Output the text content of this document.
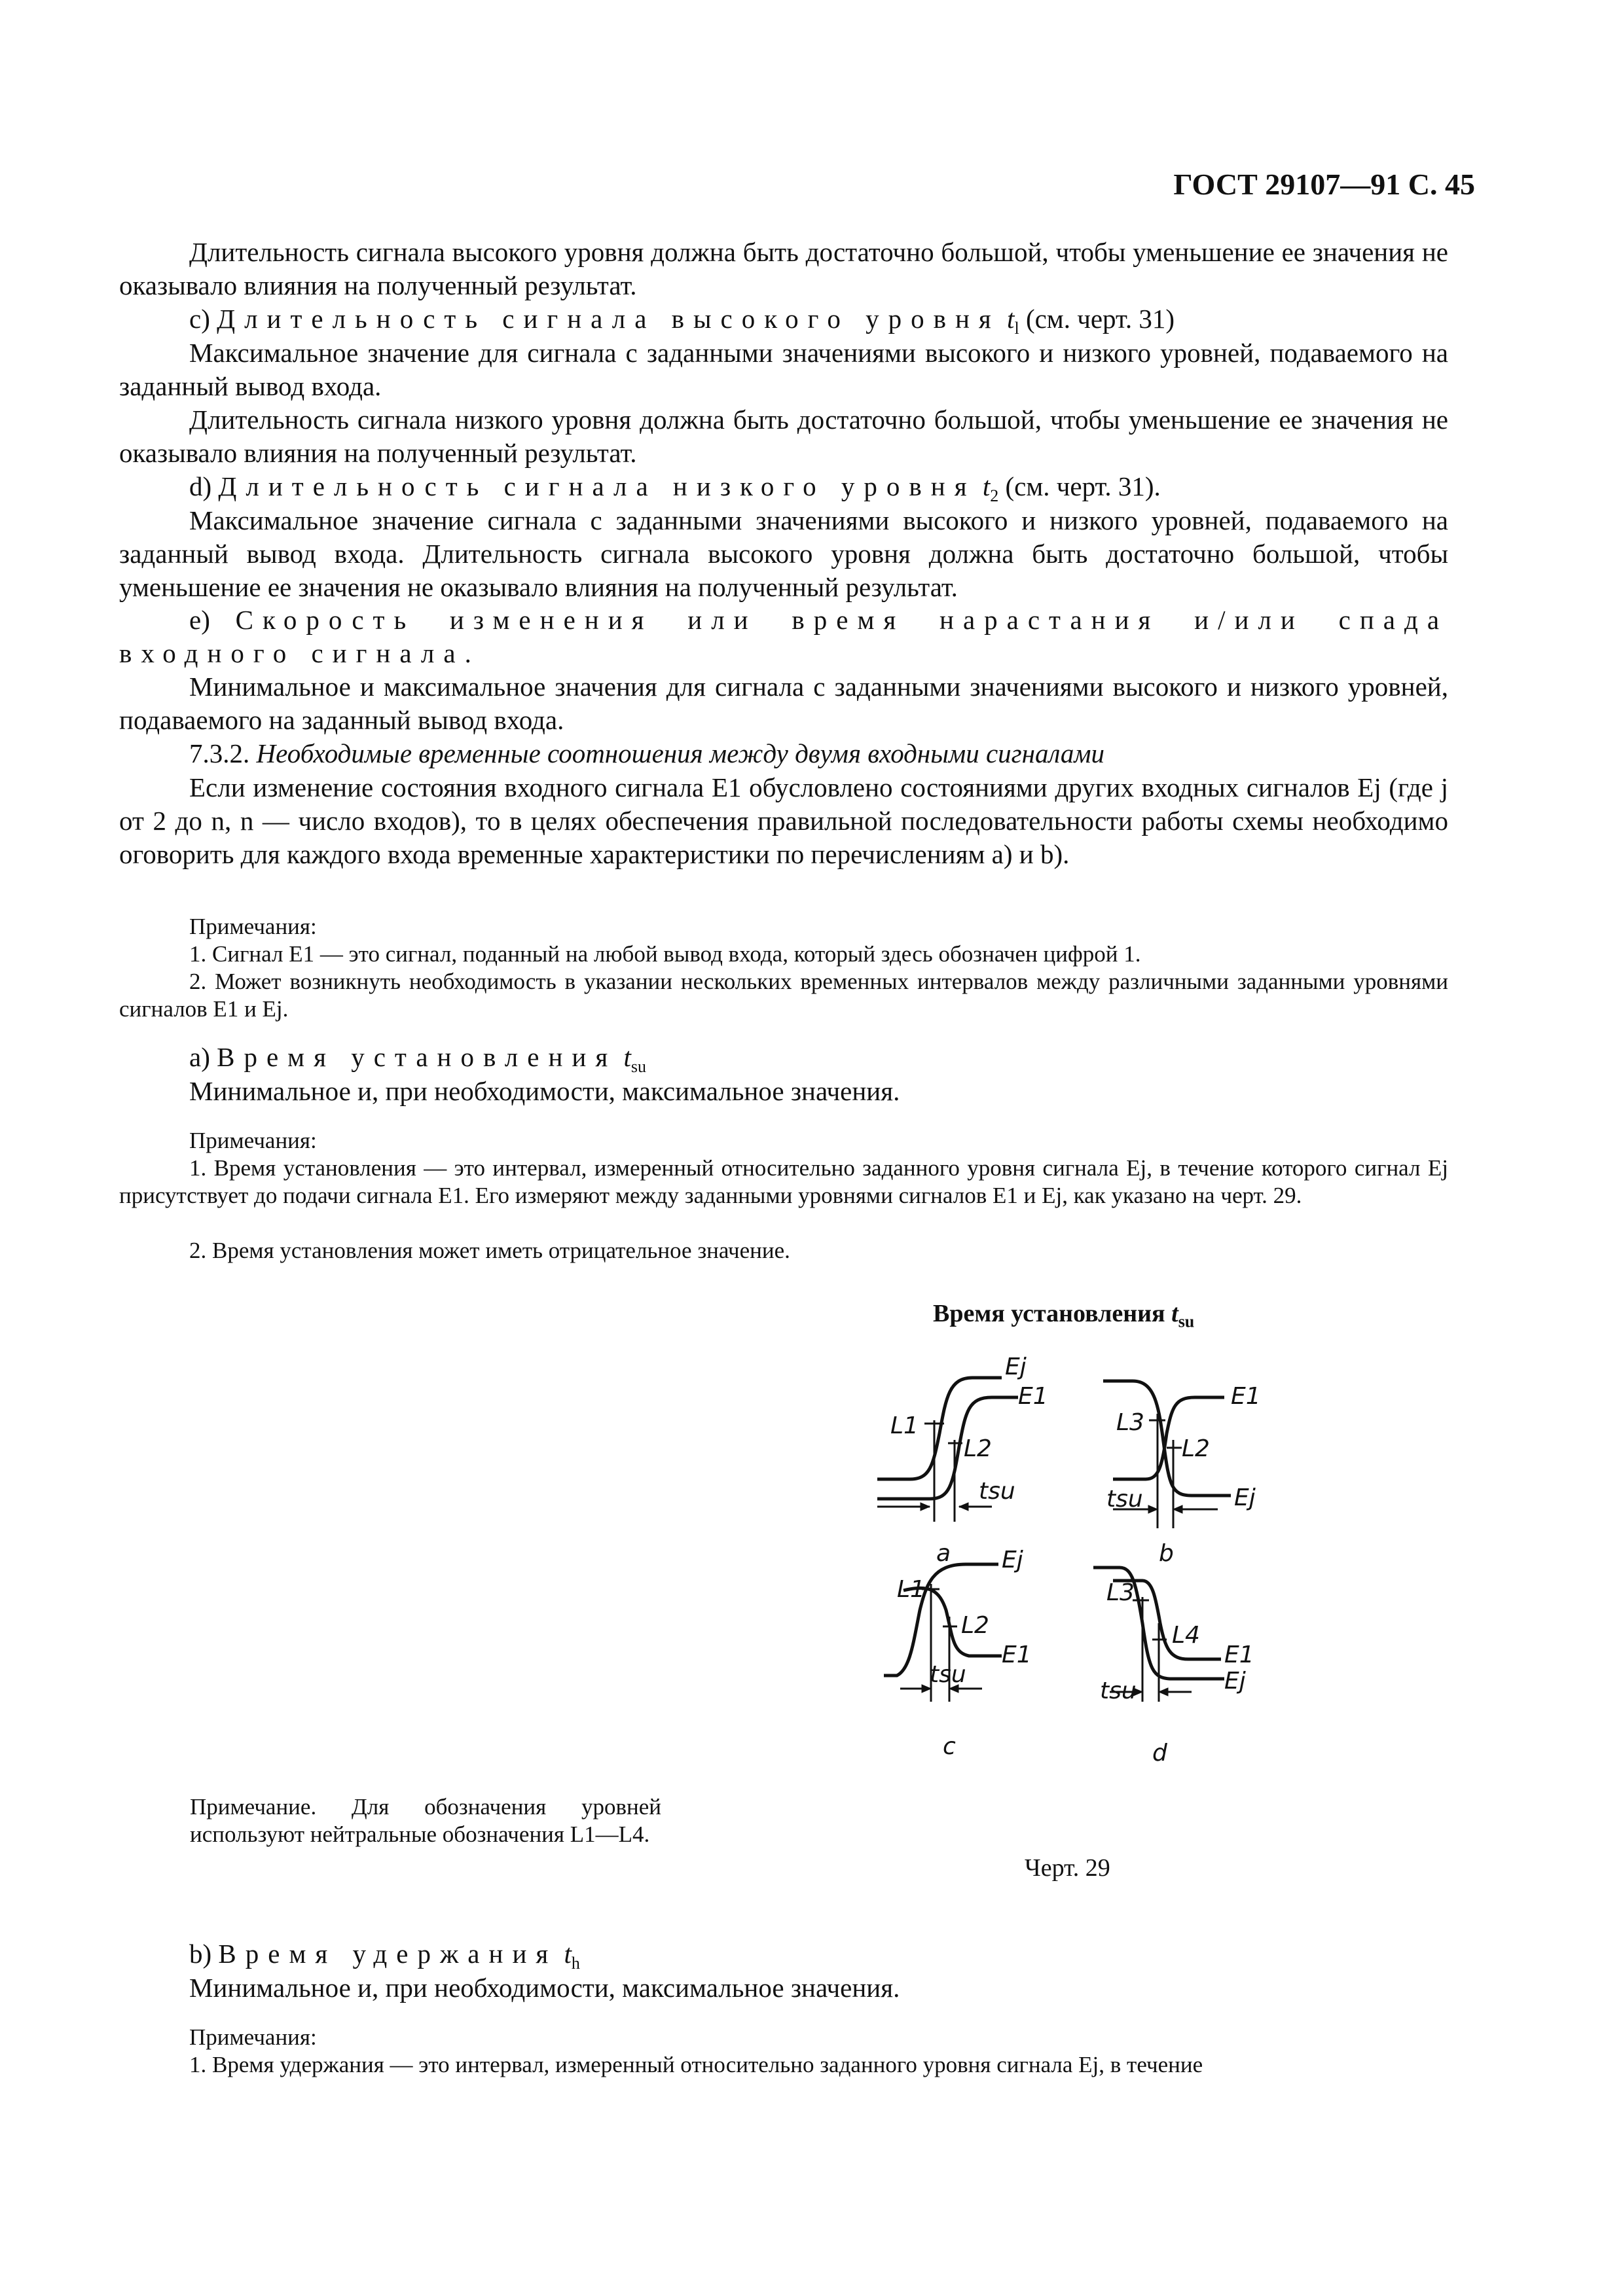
ГОСТ 29107—91 С. 45

Длительность сигнала высокого уровня должна быть достаточно большой, чтобы уменьшение ее значения не оказывало влияния на полученный результат.

с) Длительность сигнала высокого уровня $t_l$ (см. черт. 31)

Максимальное значение для сигнала с заданными значениями высокого и низкого уровней, подаваемого на заданный вывод входа.

Длительность сигнала низкого уровня должна быть достаточно большой, чтобы уменьшение ее значения не оказывало влияния на полученный результат.

d) Длительность сигнала низкого уровня $t_2$ (см. черт. 31).

Максимальное значение сигнала с заданными значениями высокого и низкого уровней, подаваемого на заданный вывод входа. Длительность сигнала высокого уровня должна быть достаточно большой, чтобы уменьшение ее значения не оказывало влияния на полученный результат.

е) Скорость изменения или время нарастания и/или спада входного сигнала.

Минимальное и максимальное значения для сигнала с заданными значениями высокого и низкого уровней, подаваемого на заданный вывод входа.

7.3.2. Необходимые временные соотношения между двумя входными сигналами

Если изменение состояния входного сигнала E1 обусловлено состояниями других входных сигналов Ej (где j от 2 до n, n — число входов), то в целях обеспечения правильной последовательности работы схемы необходимо оговорить для каждого входа временные характеристики по перечислениям а) и b).

Примечания:

1. Сигнал E1 — это сигнал, поданный на любой вывод входа, который здесь обозначен цифрой 1.

2. Может возникнуть необходимость в указании нескольких временных интервалов между различными заданными уровнями сигналов E1 и Ej.

а) Время установления $t_{su}$

Минимальное и, при необходимости, максимальное значения.

Примечания:

1. Время установления — это интервал, измеренный относительно заданного уровня сигнала Ej, в течение которого сигнал Ej присутствует до подачи сигнала E1. Его измеряют между заданными уровнями сигналов E1 и Ej, как указано на черт. 29.

2. Время установления может иметь отрицательное значение.

Время установления $t_{su}$
Ej
E1
L1
L2
tsu
a
E1
Ej
L3
L2
tsu
b
Ej
E1
L1
L2
tsu
c
L3
L4
E1
Ej
tsu
d

Примечание. Для обозначения уровней используют нейтральные обозначения L1—L4.

Черт. 29
b) Время удержания $t_h$

Минимальное и, при необходимости, максимальное значения.

Примечания:

1. Время удержания — это интервал, измеренный относительно заданного уровня сигнала Ej, в течение
